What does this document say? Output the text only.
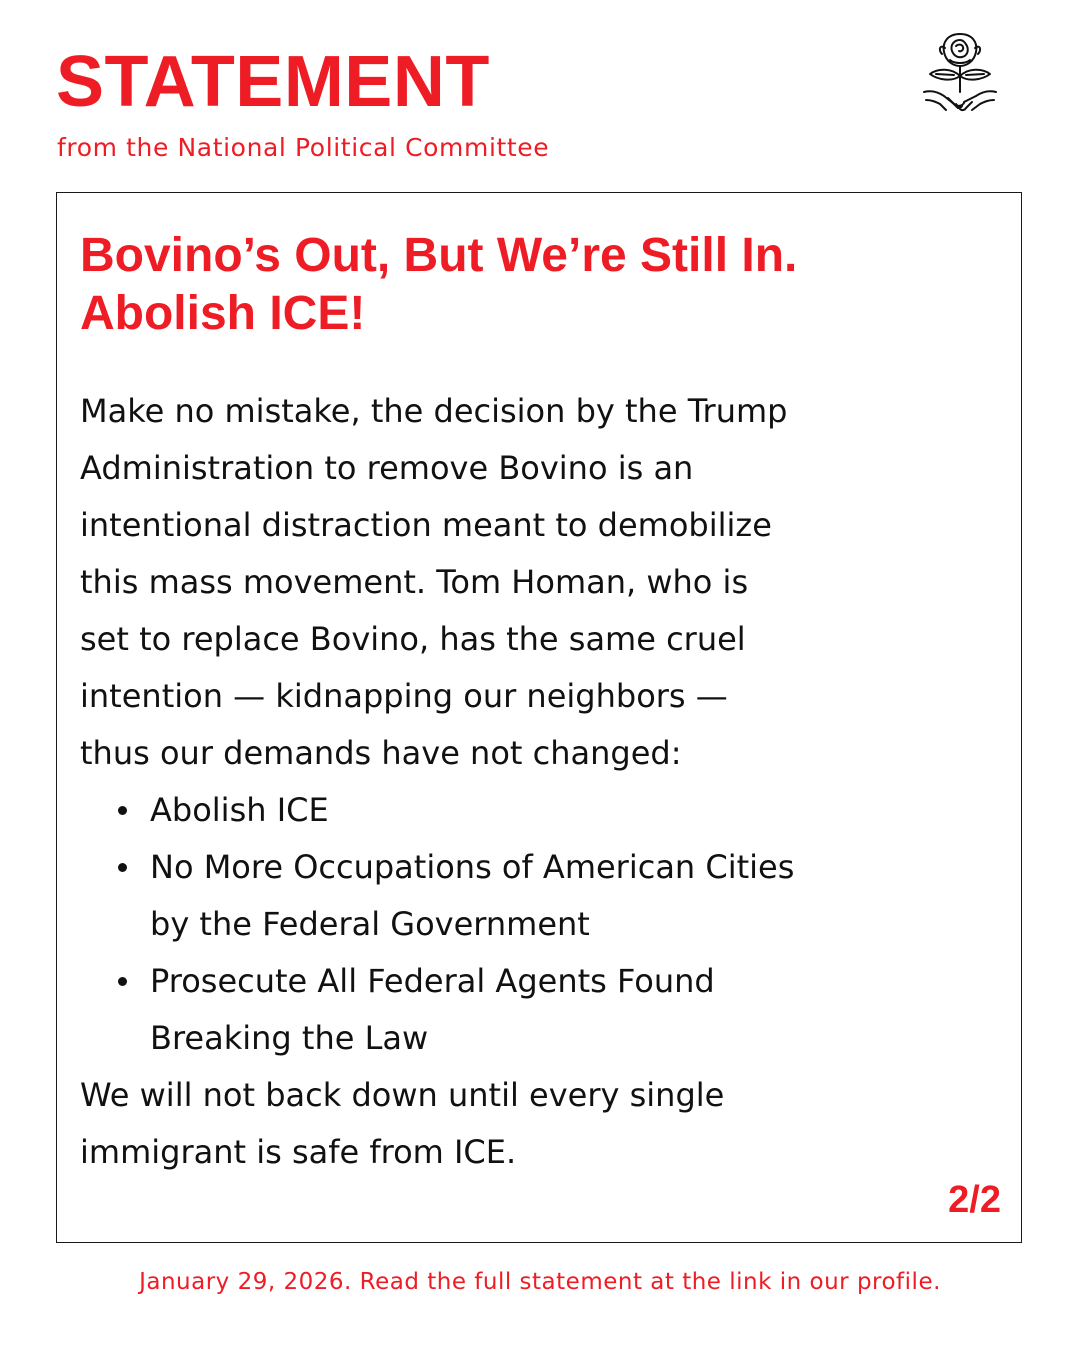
STATEMENT

from the National Political Committee

Bovino’s Out, But We’re Still In.
Abolish ICE!

Make no mistake, the decision by the Trump
Administration to remove Bovino is an
intentional distraction meant to demobilize
this mass movement. Tom Homan, who is
set to replace Bovino, has the same cruel
intention — kidnapping our neighbors —
thus our demands have not changed:

Abolish ICE
No More Occupations of American Cities
by the Federal Government
Prosecute All Federal Agents Found
Breaking the Law

We will not back down until every single
immigrant is safe from ICE.

2/2

January 29, 2026. Read the full statement at the link in our profile.
